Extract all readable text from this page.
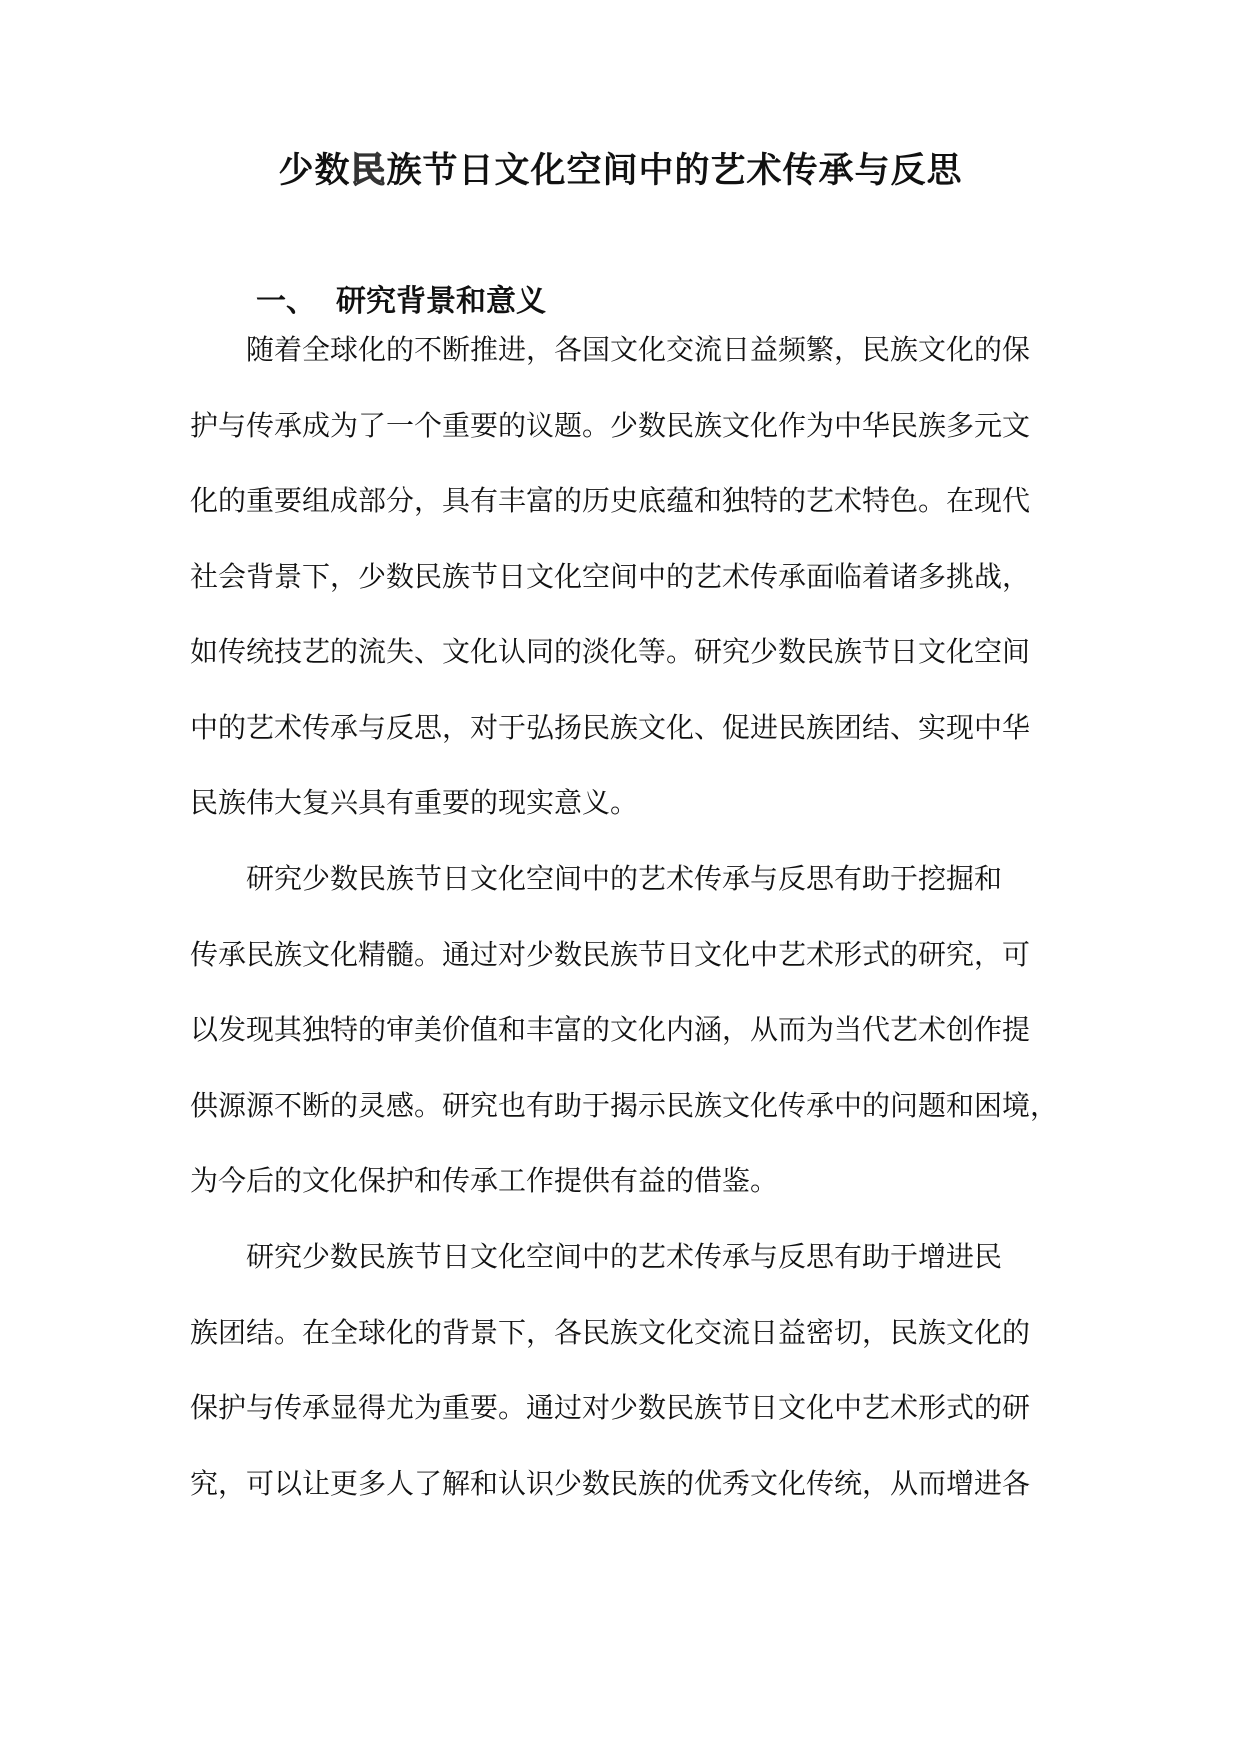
少数民族节日文化空间中的艺术传承与反思
一、 研究背景和意义
随着全球化的不断推进，各国文化交流日益频繁，民族文化的保
护与传承成为了一个重要的议题。少数民族文化作为中华民族多元文
化的重要组成部分，具有丰富的历史底蕴和独特的艺术特色。在现代
社会背景下，少数民族节日文化空间中的艺术传承面临着诸多挑战，
如传统技艺的流失、文化认同的淡化等。研究少数民族节日文化空间
中的艺术传承与反思，对于弘扬民族文化、促进民族团结、实现中华
民族伟大复兴具有重要的现实意义。
研究少数民族节日文化空间中的艺术传承与反思有助于挖掘和
传承民族文化精髓。通过对少数民族节日文化中艺术形式的研究，可
以发现其独特的审美价值和丰富的文化内涵，从而为当代艺术创作提
供源源不断的灵感。研究也有助于揭示民族文化传承中的问题和困境，
为今后的文化保护和传承工作提供有益的借鉴。
研究少数民族节日文化空间中的艺术传承与反思有助于增进民
族团结。在全球化的背景下，各民族文化交流日益密切，民族文化的
保护与传承显得尤为重要。通过对少数民族节日文化中艺术形式的研
究，可以让更多人了解和认识少数民族的优秀文化传统，从而增进各
